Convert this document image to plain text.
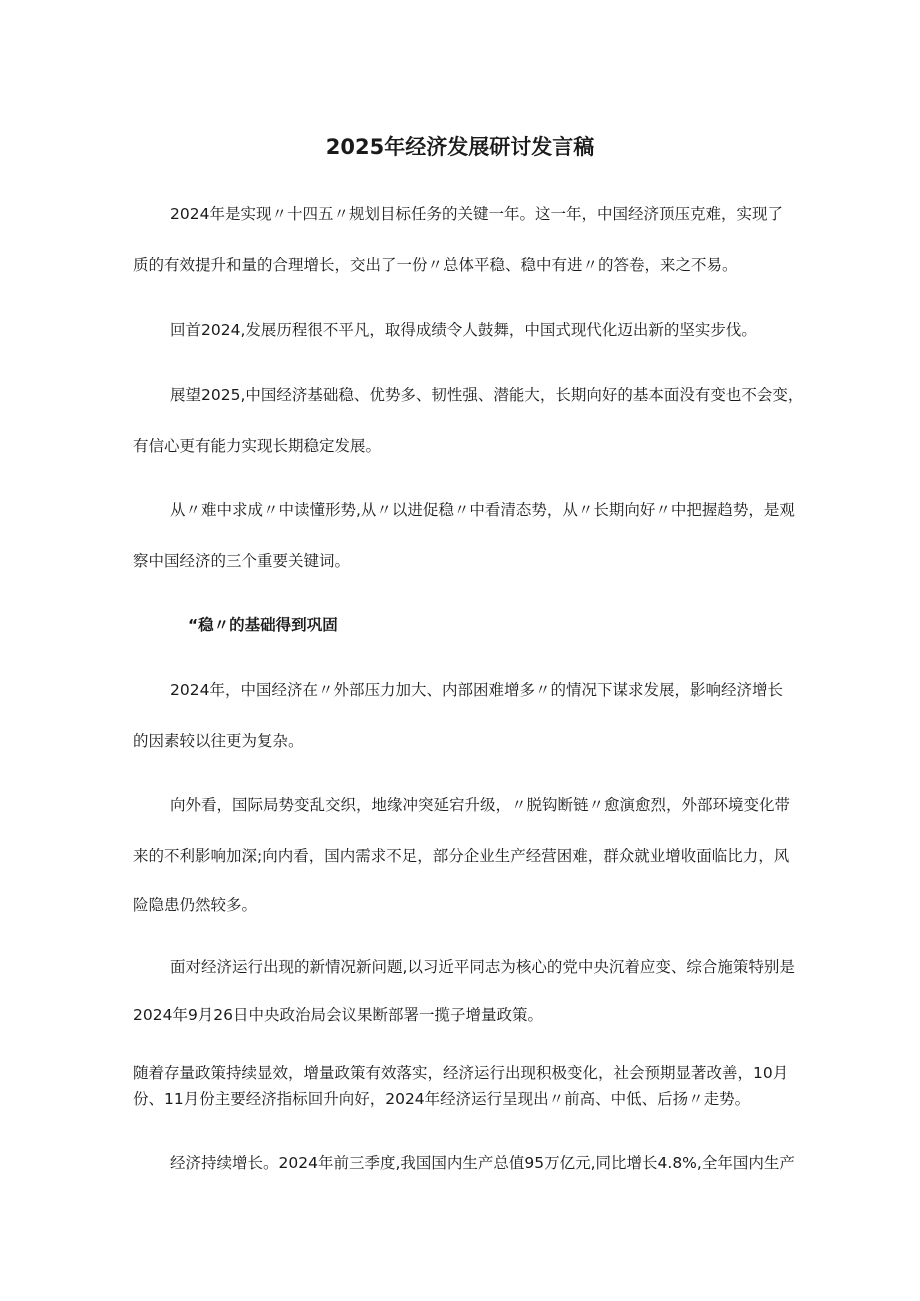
2025年经济发展研讨发言稿
2024年是实现〃十四五〃规划目标任务的关键一年。这一年，中国经济顶压克难，实现了
质的有效提升和量的合理增长，交出了一份〃总体平稳、稳中有进〃的答卷，来之不易。
回首2024,发展历程很不平凡，取得成绩令人鼓舞，中国式现代化迈出新的坚实步伐。
展望2025,中国经济基础稳、优势多、韧性强、潜能大，长期向好的基本面没有变也不会变，
有信心更有能力实现长期稳定发展。
从〃难中求成〃中读懂形势,从〃以进促稳〃中看清态势，从〃长期向好〃中把握趋势，是观
察中国经济的三个重要关键词。
“稳〃的基础得到巩固
2024年，中国经济在〃外部压力加大、内部困难增多〃的情况下谋求发展，影响经济增长
的因素较以往更为复杂。
向外看，国际局势变乱交织，地缘冲突延宕升级，〃脱钩断链〃愈演愈烈，外部环境变化带
来的不利影响加深;向内看，国内需求不足，部分企业生产经营困难，群众就业增收面临比力，风
险隐患仍然较多。
面对经济运行出现的新情况新问题,以习近平同志为核心的党中央沉着应变、综合施策特别是
2024年9月26日中央政治局会议果断部署一揽子增量政策。
随着存量政策持续显效，增量政策有效落实，经济运行出现积极变化，社会预期显著改善，10月
份、11月份主要经济指标回升向好，2024年经济运行呈现出〃前高、中低、后扬〃走势。
经济持续增长。2024年前三季度,我国国内生产总值95万亿元,同比增长4.8%,全年国内生产
